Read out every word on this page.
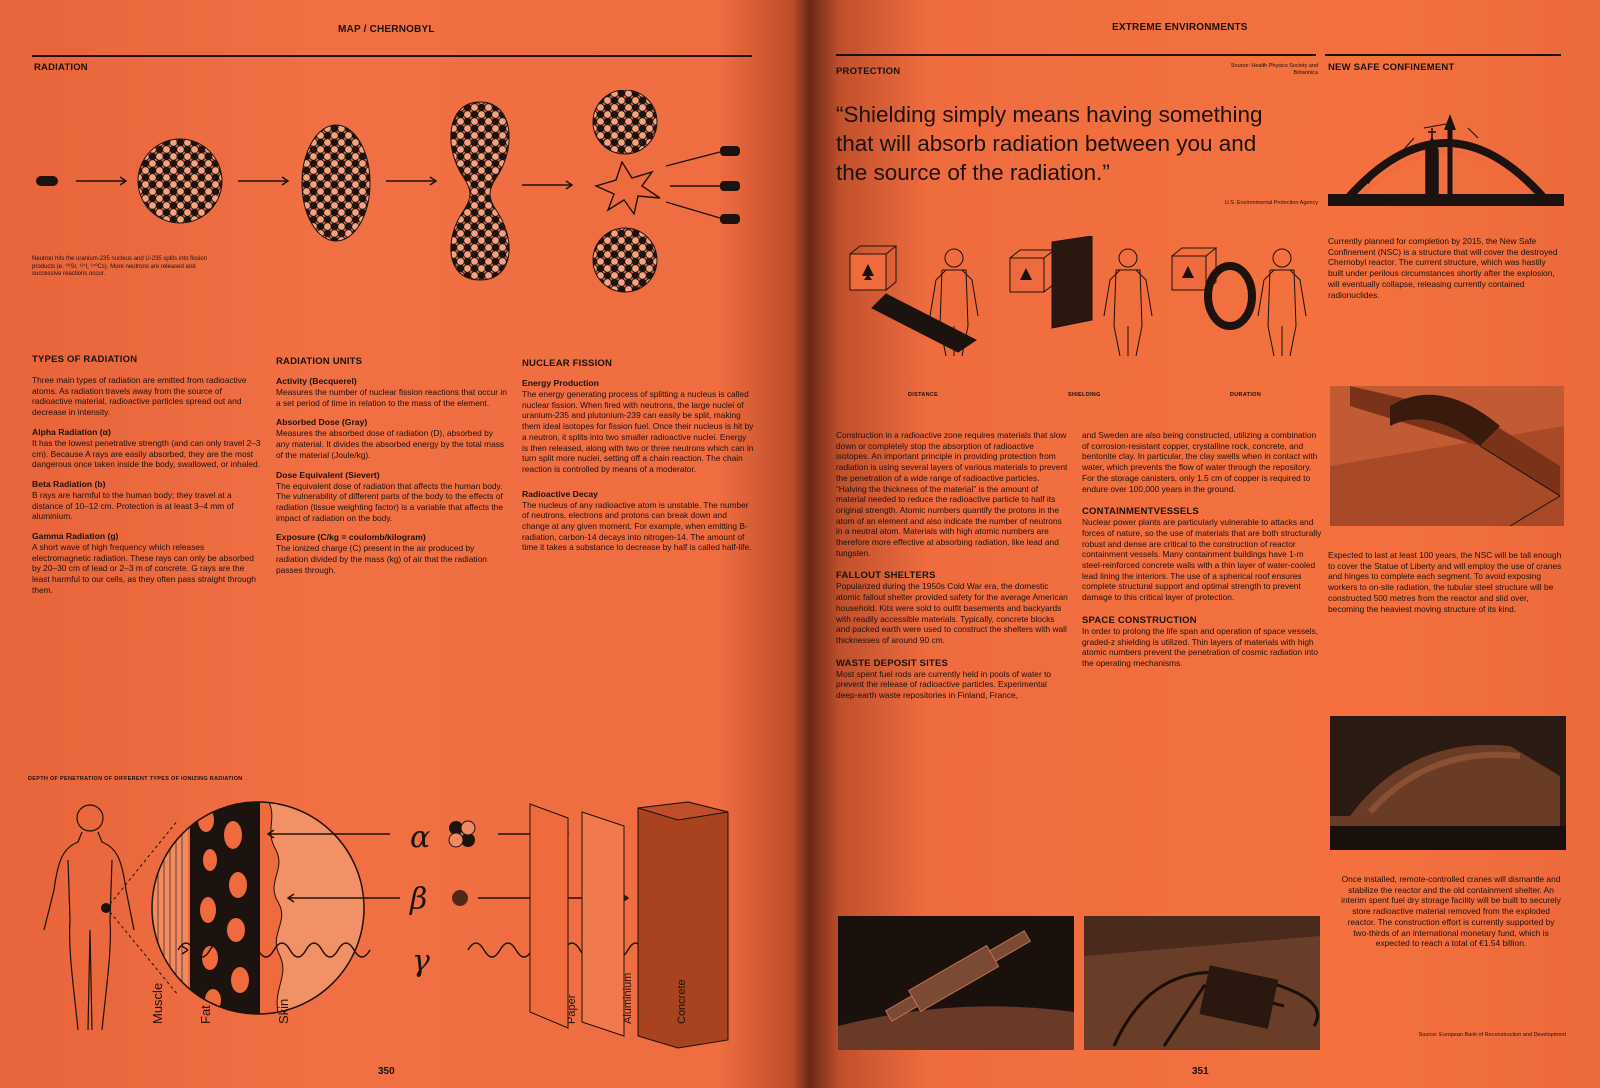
MAP / CHERNOBYL
RADIATION
Neutron hits the uranium-235 nucleus and U-235 splits into fission products (e. ⁹⁰Sr, ¹³⁷I, ¹⁴⁰Cs). More neutrons are released and successive reactions occur.
TYPES OF RADIATION

Three main types of radiation are emitted from radioactive atoms. As radiation travels away from the source of radioactive material, radioactive particles spread out and decrease in intensity.

Alpha Radiation (α)

It has the lowest penetrative strength (and can only travel 2–3 cm). Because A rays are easily absorbed, they are the most dangerous once taken inside the body, swallowed, or inhaled.

Beta Radiation (b)

B rays are harmful to the human body; they travel at a distance of 10–12 cm. Protection is at least 3–4 mm of aluminium.

Gamma Radiation (g)

A short wave of high frequency which releases electromagnetic radiation. These rays can only be absorbed by 20–30 cm of lead or 2–3 m of concrete. G rays are the least harmful to our cells, as they often pass straight through them.

RADIATION UNITS
Activity (Becquerel)

Measures the number of nuclear fission reactions that occur in a set period of time in relation to the mass of the element.

Absorbed Dose (Gray)

Measures the absorbed dose of radiation (D), absorbed by any material. It divides the absorbed energy by the total mass of the material (Joule/kg).

Dose Equivalent (Sievert)

The equivalent dose of radiation that affects the human body. The vulnerability of different parts of the body to the effects of radiation (tissue weighting factor) is a variable that affects the impact of radiation on the body.

Exposure (C/kg = coulomb/kilogram)

The ionized charge (C) present in the air produced by radiation divided by the mass (kg) of air that the radiation passes through.

NUCLEAR FISSION
Energy Production

The energy generating process of splitting a nucleus is called nuclear fission. When fired with neutrons, the large nuclei of uranium-235 and plutonium-239 can easily be split, making them ideal isotopes for fission fuel. Once their nucleus is hit by a neutron, it splits into two smaller radioactive nuclei. Energy is then released, along with two or three neutrons which can in turn split more nuclei, setting off a chain reaction. The chain reaction is controlled by means of a moderator.

Radioactive Decay

The nucleus of any radioactive atom is unstable. The number of neutrons, electrons and protons can break down and change at any given moment. For example, when emitting B-radiation, carbon-14 decays into nitrogen-14. The amount of time it takes a substance to decrease by half is called half-life.

DEPTH OF PENETRATION OF DIFFERENT TYPES OF IONIZING RADIATION
α
β
γ
Muscle	Fat	Skin	Paper	Aluminium	Concrete
350
EXTREME ENVIRONMENTS
PROTECTION	Source: Health Physics Society and Britannica
“Shielding simply means having something that will absorb radiation between you and the source of the radiation.”
U.S. Environmental Protection Agency
DISTANCE	SHIELDING	DURATION

Construction in a radioactive zone requires materials that slow down or completely stop the absorption of radioactive isotopes. An important principle in providing protection from radiation is using several layers of various materials to prevent the penetration of a wide range of radioactive particles. “Halving the thickness of the material” is the amount of material needed to reduce the radioactive particle to half its original strength. Atomic numbers quantify the protons in the atom of an element and also indicate the number of neutrons in a neutral atom. Materials with high atomic numbers are therefore more effective at absorbing radiation, like lead and tungsten.

FALLOUT SHELTERS

Popularized during the 1950s Cold War era, the domestic atomic fallout shelter provided safety for the average American household. Kits were sold to outfit basements and backyards with readily accessible materials. Typically, concrete blocks and packed earth were used to construct the shelters with wall thicknesses of around 90 cm.

WASTE DEPOSIT SITES

Most spent fuel rods are currently held in pools of water to prevent the release of radioactive particles. Experimental deep-earth waste repositories in Finland, France,

and Sweden are also being constructed, utilizing a combination of corrosion-resistant copper, crystalline rock, concrete, and bentonite clay. In particular, the clay swells when in contact with water, which prevents the flow of water through the repository. For the storage canisters, only 1.5 cm of copper is required to endure over 100,000 years in the ground.

CONTAINMENTVESSELS

Nuclear power plants are particularly vulnerable to attacks and forces of nature, so the use of materials that are both structurally robust and dense are critical to the construction of reactor containment vessels. Many containment buildings have 1-m steel-reinforced concrete walls with a thin layer of water-cooled lead lining the interiors. The use of a spherical roof ensures complete structural support and optimal strength to prevent damage to this critical layer of protection.

SPACE CONSTRUCTION

In order to prolong the life span and operation of space vessels, graded-z shielding is utilized. Thin layers of materials with high atomic numbers prevent the penetration of cosmic radiation into the operating mechanisms.

NEW SAFE CONFINEMENT

Currently planned for completion by 2015, the New Safe Confinement (NSC) is a structure that will cover the destroyed Chernobyl reactor. The current structure, which was hastily built under perilous circumstances shortly after the explosion, will eventually collapse, releasing currently contained radionuclides.

Expected to last at least 100 years, the NSC will be tall enough to cover the Statue of Liberty and will employ the use of cranes and hinges to complete each segment. To avoid exposing workers to on-site radiation, the tubular steel structure will be constructed 500 metres from the reactor and slid over, becoming the heaviest moving structure of its kind.

Once installed, remote-controlled cranes will dismantle and stabilize the reactor and the old containment shelter. An interim spent fuel dry storage facility will be built to securely store radioactive material removed from the exploded reactor. The construction effort is currently supported by two-thirds of an international monetary fund, which is expected to reach a total of €1.54 billion.

Source: European Bank of Reconstruction and Development
351
